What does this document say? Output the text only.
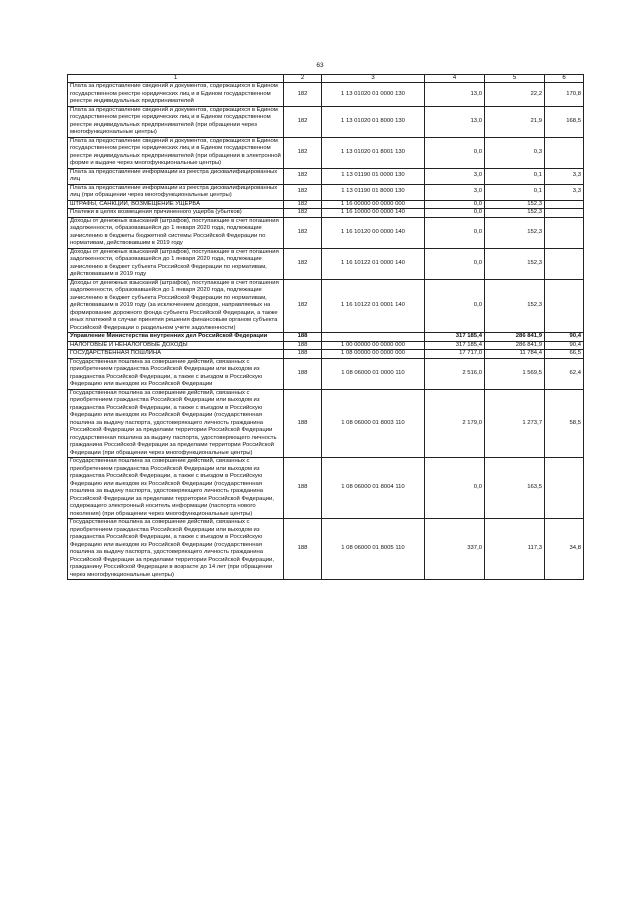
63
1	2	3	4	5	6
Плата за предоставление сведений и документов, содержащихся в Едином государственном реестре юридических лиц и в Едином государственном реестре индивидуальных предпринимателей	182	1 13 01020 01 0000 130	13,0	22,2	170,8
Плата за предоставление сведений и документов, содержащихся в Едином государственном реестре юридических лиц и в Едином государственном реестре индивидуальных предпринимателей (при обращении через многофункциональные центры)	182	1 13 01020 01 8000 130	13,0	21,9	168,5
Плата за предоставление сведений и документов, содержащихся в Едином государственном реестре юридических лиц и в Едином государственном реестре индивидуальных предпринимателей (при обращении в электронной форме и выдаче через многофункциональные центры)	182	1 13 01020 01 8001 130	0,0	0,3	
Плата за предоставление информации из реестра дисквалифицированных лиц	182	1 13 01190 01 0000 130	3,0	0,1	3,3
Плата за предоставление информации из реестра дисквалифицированных лиц (при обращении через многофункциональные центры)	182	1 13 01190 01 8000 130	3,0	0,1	3,3
ШТРАФЫ, САНКЦИИ, ВОЗМЕЩЕНИЕ УЩЕРБА	182	1 16 00000 00 0000 000	0,0	152,3	
Платежи в целях возмещения причиненного ущерба (убытков)	182	1 16 10000 00 0000 140	0,0	152,3	
Доходы от денежных взысканий (штрафов), поступающие в счет погашения задолженности, образовавшейся до 1 января 2020 года, подлежащие зачислению в бюджеты бюджетной системы Российской Федерации по нормативам, действовавшим в 2019 году	182	1 16 10120 00 0000 140	0,0	152,3	
Доходы от денежных взысканий (штрафов), поступающие в счет погашения задолженности, образовавшейся до 1 января 2020 года, подлежащие зачислению в бюджет субъекта Российской Федерации по нормативам, действовавшим в 2019 году	182	1 16 10122 01 0000 140	0,0	152,3	
Доходы от денежных взысканий (штрафов), поступающие в счет погашения задолженности, образовавшейся до 1 января 2020 года, подлежащие зачислению в бюджет субъекта Российской Федерации по нормативам, действовавшим в 2019 году (за исключением доходов, направляемых на формирование дорожного фонда субъекта Российской Федерации, а также иных платежей в случае принятия решения финансовым органом субъекта Российской Федерации о раздельном учете задолженности)	182	1 16 10122 01 0001 140	0,0	152,3	
Управление Министерства внутренних дел Российской Федерации	188		317 185,4	286 841,9	90,4
НАЛОГОВЫЕ И НЕНАЛОГОВЫЕ ДОХОДЫ	188	1 00 00000 00 0000 000	317 185,4	286 841,9	90,4
ГОСУДАРСТВЕННАЯ ПОШЛИНА	188	1 08 00000 00 0000 000	17 717,0	11 784,4	66,5
Государственная пошлина за совершение действий, связанных с приобретением гражданства Российской Федерации или выходом из гражданства Российской Федерации, а также с въездом в Российскую Федерацию или выездом из Российской Федерации	188	1 08 06000 01 0000 110	2 516,0	1 569,5	62,4
Государственная пошлина за совершение действий, связанных с приобретением гражданства Российской Федерации или выходом из гражданства Российской Федерации, а также с въездом в Российскую Федерацию или выездом из Российской Федерации (государственная пошлина за выдачу паспорта, удостоверяющего личность гражданина Российской Федерации за пределами территории Российской Федерации государственная пошлина за выдачу паспорта, удостоверяющего личность гражданина Российской Федерации за пределами территории Российской Федерации (при обращении через многофункциональные центры)	188	1 08 06000 01 8003 110	2 179,0	1 273,7	58,5
Государственная пошлина за совершение действий, связанных с приобретением гражданства Российской Федерации или выходом из гражданства Российской Федерации, а также с въездом в Российскую Федерацию или выездом из Российской Федерации (государственная пошлина за выдачу паспорта, удостоверяющего личность гражданина Российской Федерации за пределами территории Российской Федерации, содержащего электронный носитель информации (паспорта нового поколения) (при обращении через многофункциональные центры)	188	1 08 06000 01 8004 110	0,0	163,5	
Государственная пошлина за совершение действий, связанных с приобретением гражданства Российской Федерации или выходом из гражданства Российской Федерации, а также с въездом в Российскую Федерацию или выездом из Российской Федерации (государственная пошлина за выдачу паспорта, удостоверяющего личность гражданина Российской Федерации за пределами территории Российской Федерации, гражданину Российской Федерации в возрасте до 14 лет (при обращении через многофункциональные центры)	188	1 08 06000 01 8005 110	337,0	117,3	34,8
